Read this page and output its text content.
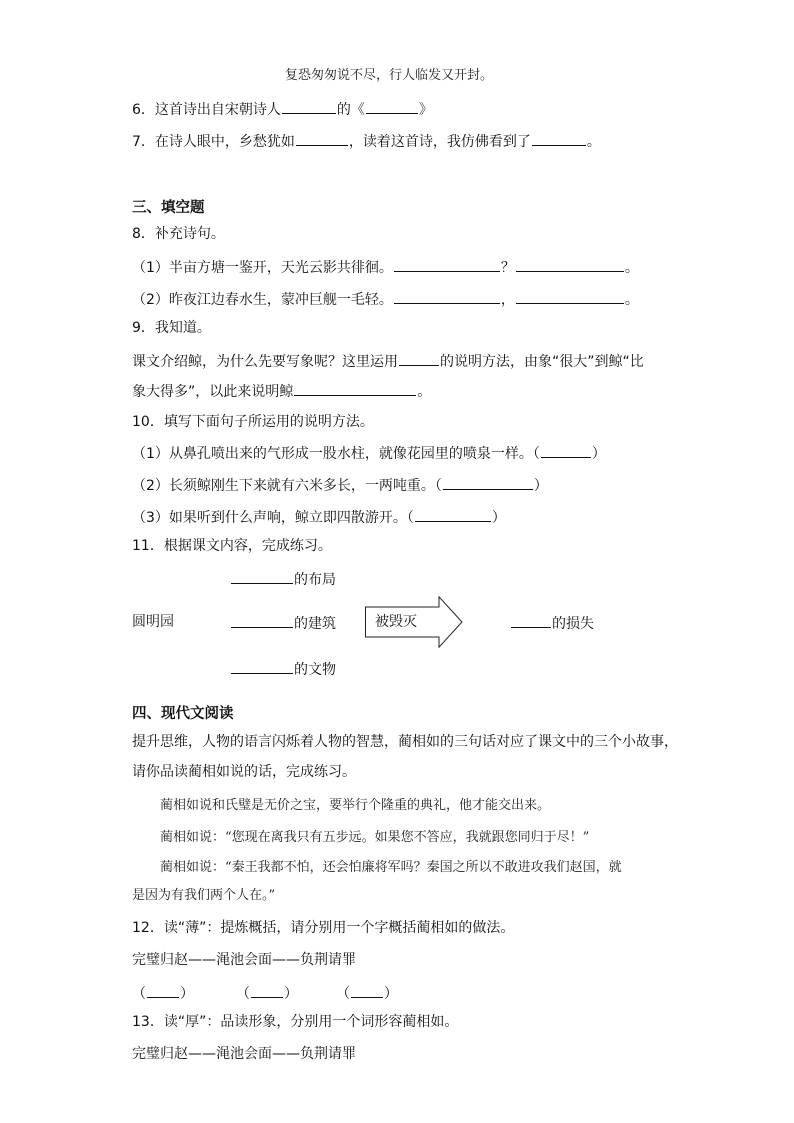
复恐匆匆说不尽，行人临发又开封。
6．这首诗出自宋朝诗人	的《	》
7．在诗人眼中，乡愁犹如	，读着这首诗，我仿佛看到了	。
三、填空题
8．补充诗句。
（1）半亩方塘一鉴开，天光云影共徘徊。	？	。
（2）昨夜江边春水生，蒙冲巨舰一毛轻。	，	。
9．我知道。
课文介绍鲸，为什么先要写象呢？这里运用	的说明方法，由象“很大”到鲸“比
象大得多”，以此来说明鲸	。
10．填写下面句子所运用的说明方法。
（1）从鼻孔喷出来的气形成一股水柱，就像花园里的喷泉一样。（	）
（2）长须鲸刚生下来就有六米多长，一两吨重。（	）
（3）如果听到什么声响，鲸立即四散游开。（	）
11．根据课文内容，完成练习。
的布局
圆明园	的建筑	被毁灭	的损失
的文物
四、现代文阅读
提升思维，人物的语言闪烁着人物的智慧，蔺相如的三句话对应了课文中的三个小故事，
请你品读蔺相如说的话，完成练习。
蔺相如说和氏璧是无价之宝，要举行个隆重的典礼，他才能交出来。
蔺相如说：“您现在离我只有五步远。如果您不答应，我就跟您同归于尽！”
蔺相如说：“秦王我都不怕，还会怕廉将军吗？秦国之所以不敢进攻我们赵国，就
是因为有我们两个人在。”
12．读“薄”：提炼概括，请分别用一个字概括蔺相如的做法。
完璧归赵——渑池会面——负荆请罪
（ ）	（ ）	（ ）
13．读“厚”：品读形象，分别用一个词形容蔺相如。
完璧归赵——渑池会面——负荆请罪
